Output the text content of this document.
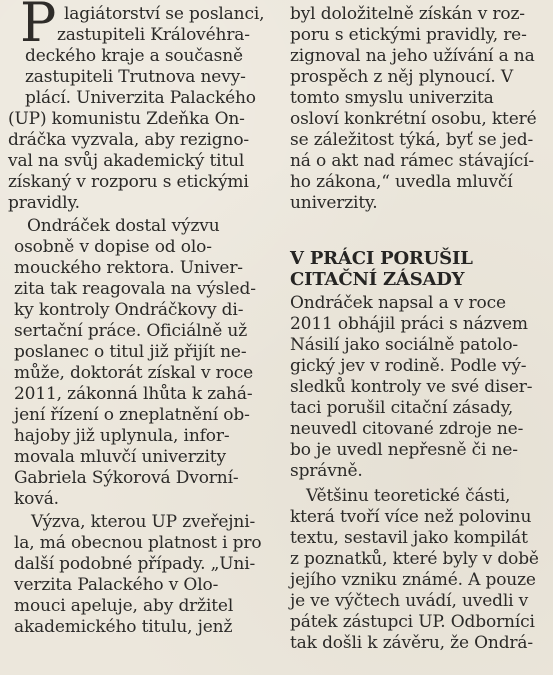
P lagiátorství se poslanci,
zastupiteli Královéhra-
deckého kraje a současně
zastupiteli Trutnova nevy-
plácí. Univerzita Palackého
(UP) komunistu Zdeňka On-
dráčka vyzvala, aby rezigno-
val na svůj akademický titul
získaný v rozporu s etickými
pravidly.
Ondráček dostal výzvu
osobně v dopise od olo-
mouckého rektora. Univer-
zita tak reagovala na výsled-
ky kontroly Ondráčkovy di-
sertační práce. Oficiálně už
poslanec o titul již přijít ne-
může, doktorát získal v roce
2011, zákonná lhůta k zahá-
jení řízení o zneplatnění ob-
hajoby již uplynula, infor-
movala mluvčí univerzity
Gabriela Sýkorová Dvorní-
ková.
Výzva, kterou UP zveřejni-
la, má obecnou platnost i pro
další podobné případy. „Uni-
verzita Palackého v Olo-
mouci apeluje, aby držitel
akademického titulu, jenž
byl doložitelně získán v roz-
poru s etickými pravidly, re-
zignoval na jeho užívání a na
prospěch z něj plynoucí. V
tomto smyslu univerzita
osloví konkrétní osobu, které
se záležitost týká, byť se jed-
ná o akt nad rámec stávající-
ho zákona,“ uvedla mluvčí
univerzity.
V PRÁCI PORUŠIL
CITAČNÍ ZÁSADY
Ondráček napsal a v roce
2011 obhájil práci s názvem
Násilí jako sociálně patolo-
gický jev v rodině. Podle vý-
sledků kontroly ve své diser-
taci porušil citační zásady,
neuvedl citované zdroje ne-
bo je uvedl nepřesně či ne-
správně.
Většinu teoretické části,
která tvoří více než polovinu
textu, sestavil jako kompilát
z poznatků, které byly v době
jejího vzniku známé. A pouze
je ve výčtech uvádí, uvedli v
pátek zástupci UP. Odborníci
tak došli k závěru, že Ondrá-
